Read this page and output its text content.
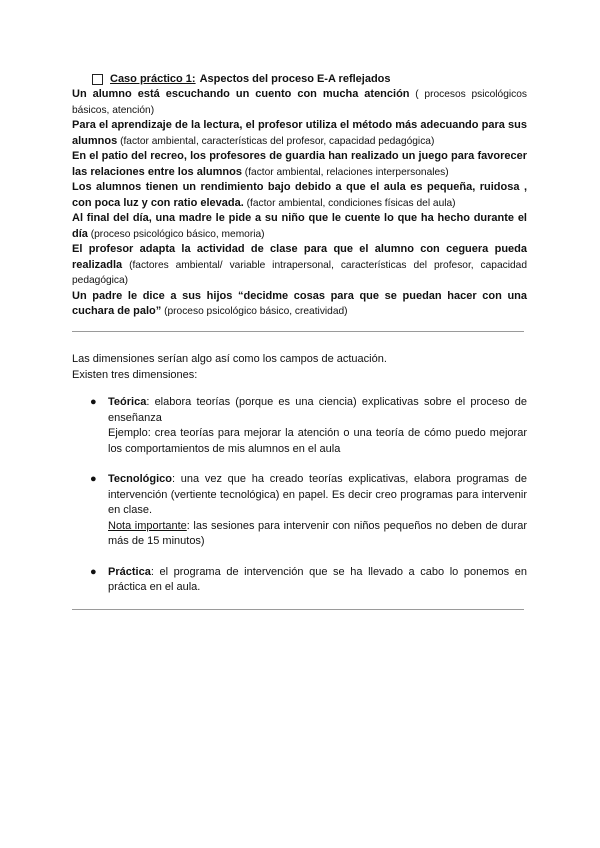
Caso práctico 1: Aspectos del proceso E-A reflejados

Un alumno está escuchando un cuento con mucha atención ( procesos psicológicos básicos, atención)

Para el aprendizaje de la lectura, el profesor utiliza el método más adecuando para sus alumnos (factor ambiental, características del profesor, capacidad pedagógica)

En el patio del recreo, los profesores de guardia han realizado un juego para favorecer las relaciones entre los alumnos (factor ambiental, relaciones interpersonales)

Los alumnos tienen un rendimiento bajo debido a que el aula es pequeña, ruidosa , con poca luz y con ratio elevada. (factor ambiental, condiciones físicas del aula)

Al final del día, una madre le pide a su niño que le cuente lo que ha hecho durante el día (proceso psicológico básico, memoria)

El profesor adapta la actividad de clase para que el alumno con ceguera pueda realizadla (factores ambiental/ variable intrapersonal, características del profesor, capacidad pedagógica)

Un padre le dice a sus hijos “decidme cosas para que se puedan hacer con una cuchara de palo” (proceso psicológico básico, creatividad)

Las dimensiones serían algo así como los campos de actuación.
Existen tres dimensiones:
● Teórica: elabora teorías (porque es una ciencia) explicativas sobre el proceso de enseñanza
Ejemplo: crea teorías para mejorar la atención o una teoría de cómo puedo mejorar los comportamientos de mis alumnos en el aula
● Tecnológico: una vez que ha creado teorías explicativas, elabora programas de intervención (vertiente tecnológica) en papel. Es decir creo programas para intervenir en clase.
Nota importante: las sesiones para intervenir con niños pequeños no deben de durar más de 15 minutos)
● Práctica: el programa de intervención que se ha llevado a cabo lo ponemos en práctica en el aula.
